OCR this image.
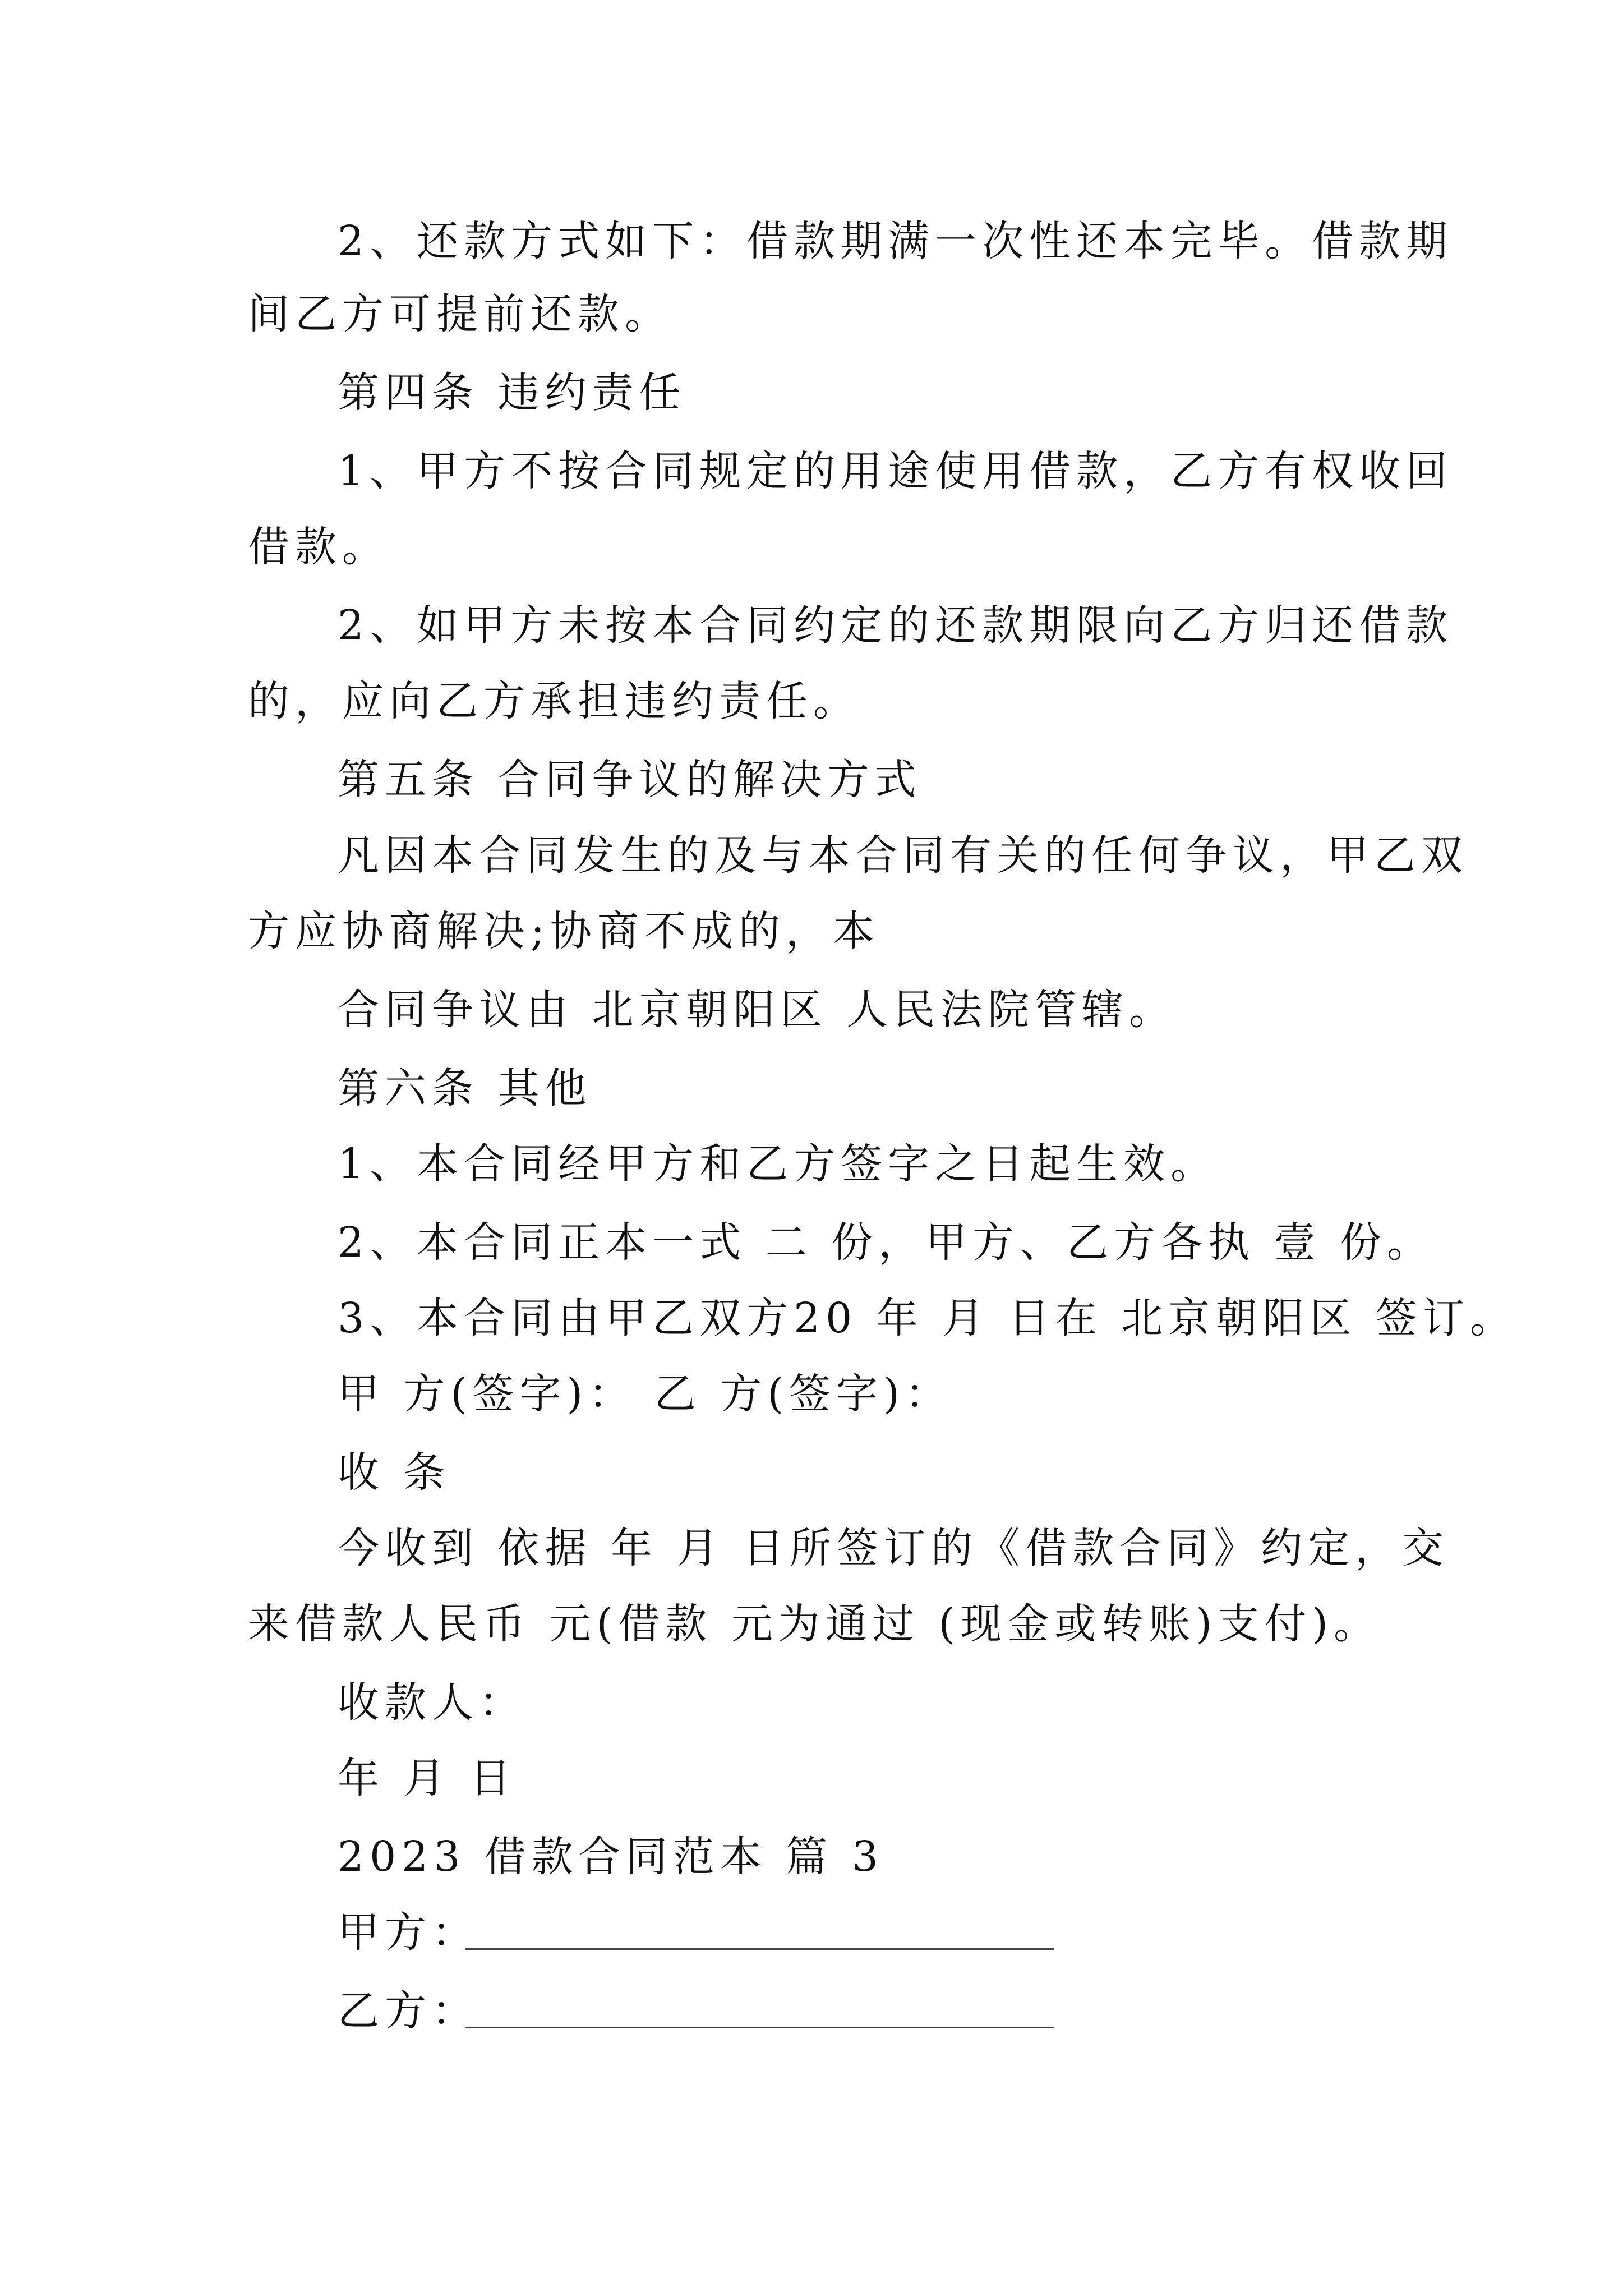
2、还款方式如下：借款期满一次性还本完毕。借款期
间乙方可提前还款。
第四条 违约责任
1、甲方不按合同规定的用途使用借款，乙方有权收回
借款。
2、如甲方未按本合同约定的还款期限向乙方归还借款
的，应向乙方承担违约责任。
第五条 合同争议的解决方式
凡因本合同发生的及与本合同有关的任何争议，甲乙双
方应协商解决;协商不成的，本
合同争议由 北京朝阳区 人民法院管辖。
第六条 其他
1、本合同经甲方和乙方签字之日起生效。
2、本合同正本一式 二 份，甲方、乙方各执 壹 份。
3、本合同由甲乙双方20 年 月 日在 北京朝阳区 签订。
甲 方(签字)： 乙 方(签字)：
收 条
今收到 依据 年 月 日所签订的《借款合同》约定，交
来借款人民币 元(借款 元为通过 (现金或转账)支付)。
收款人：
年 月 日
2023 借款合同范本 篇 3
甲方：
乙方：
